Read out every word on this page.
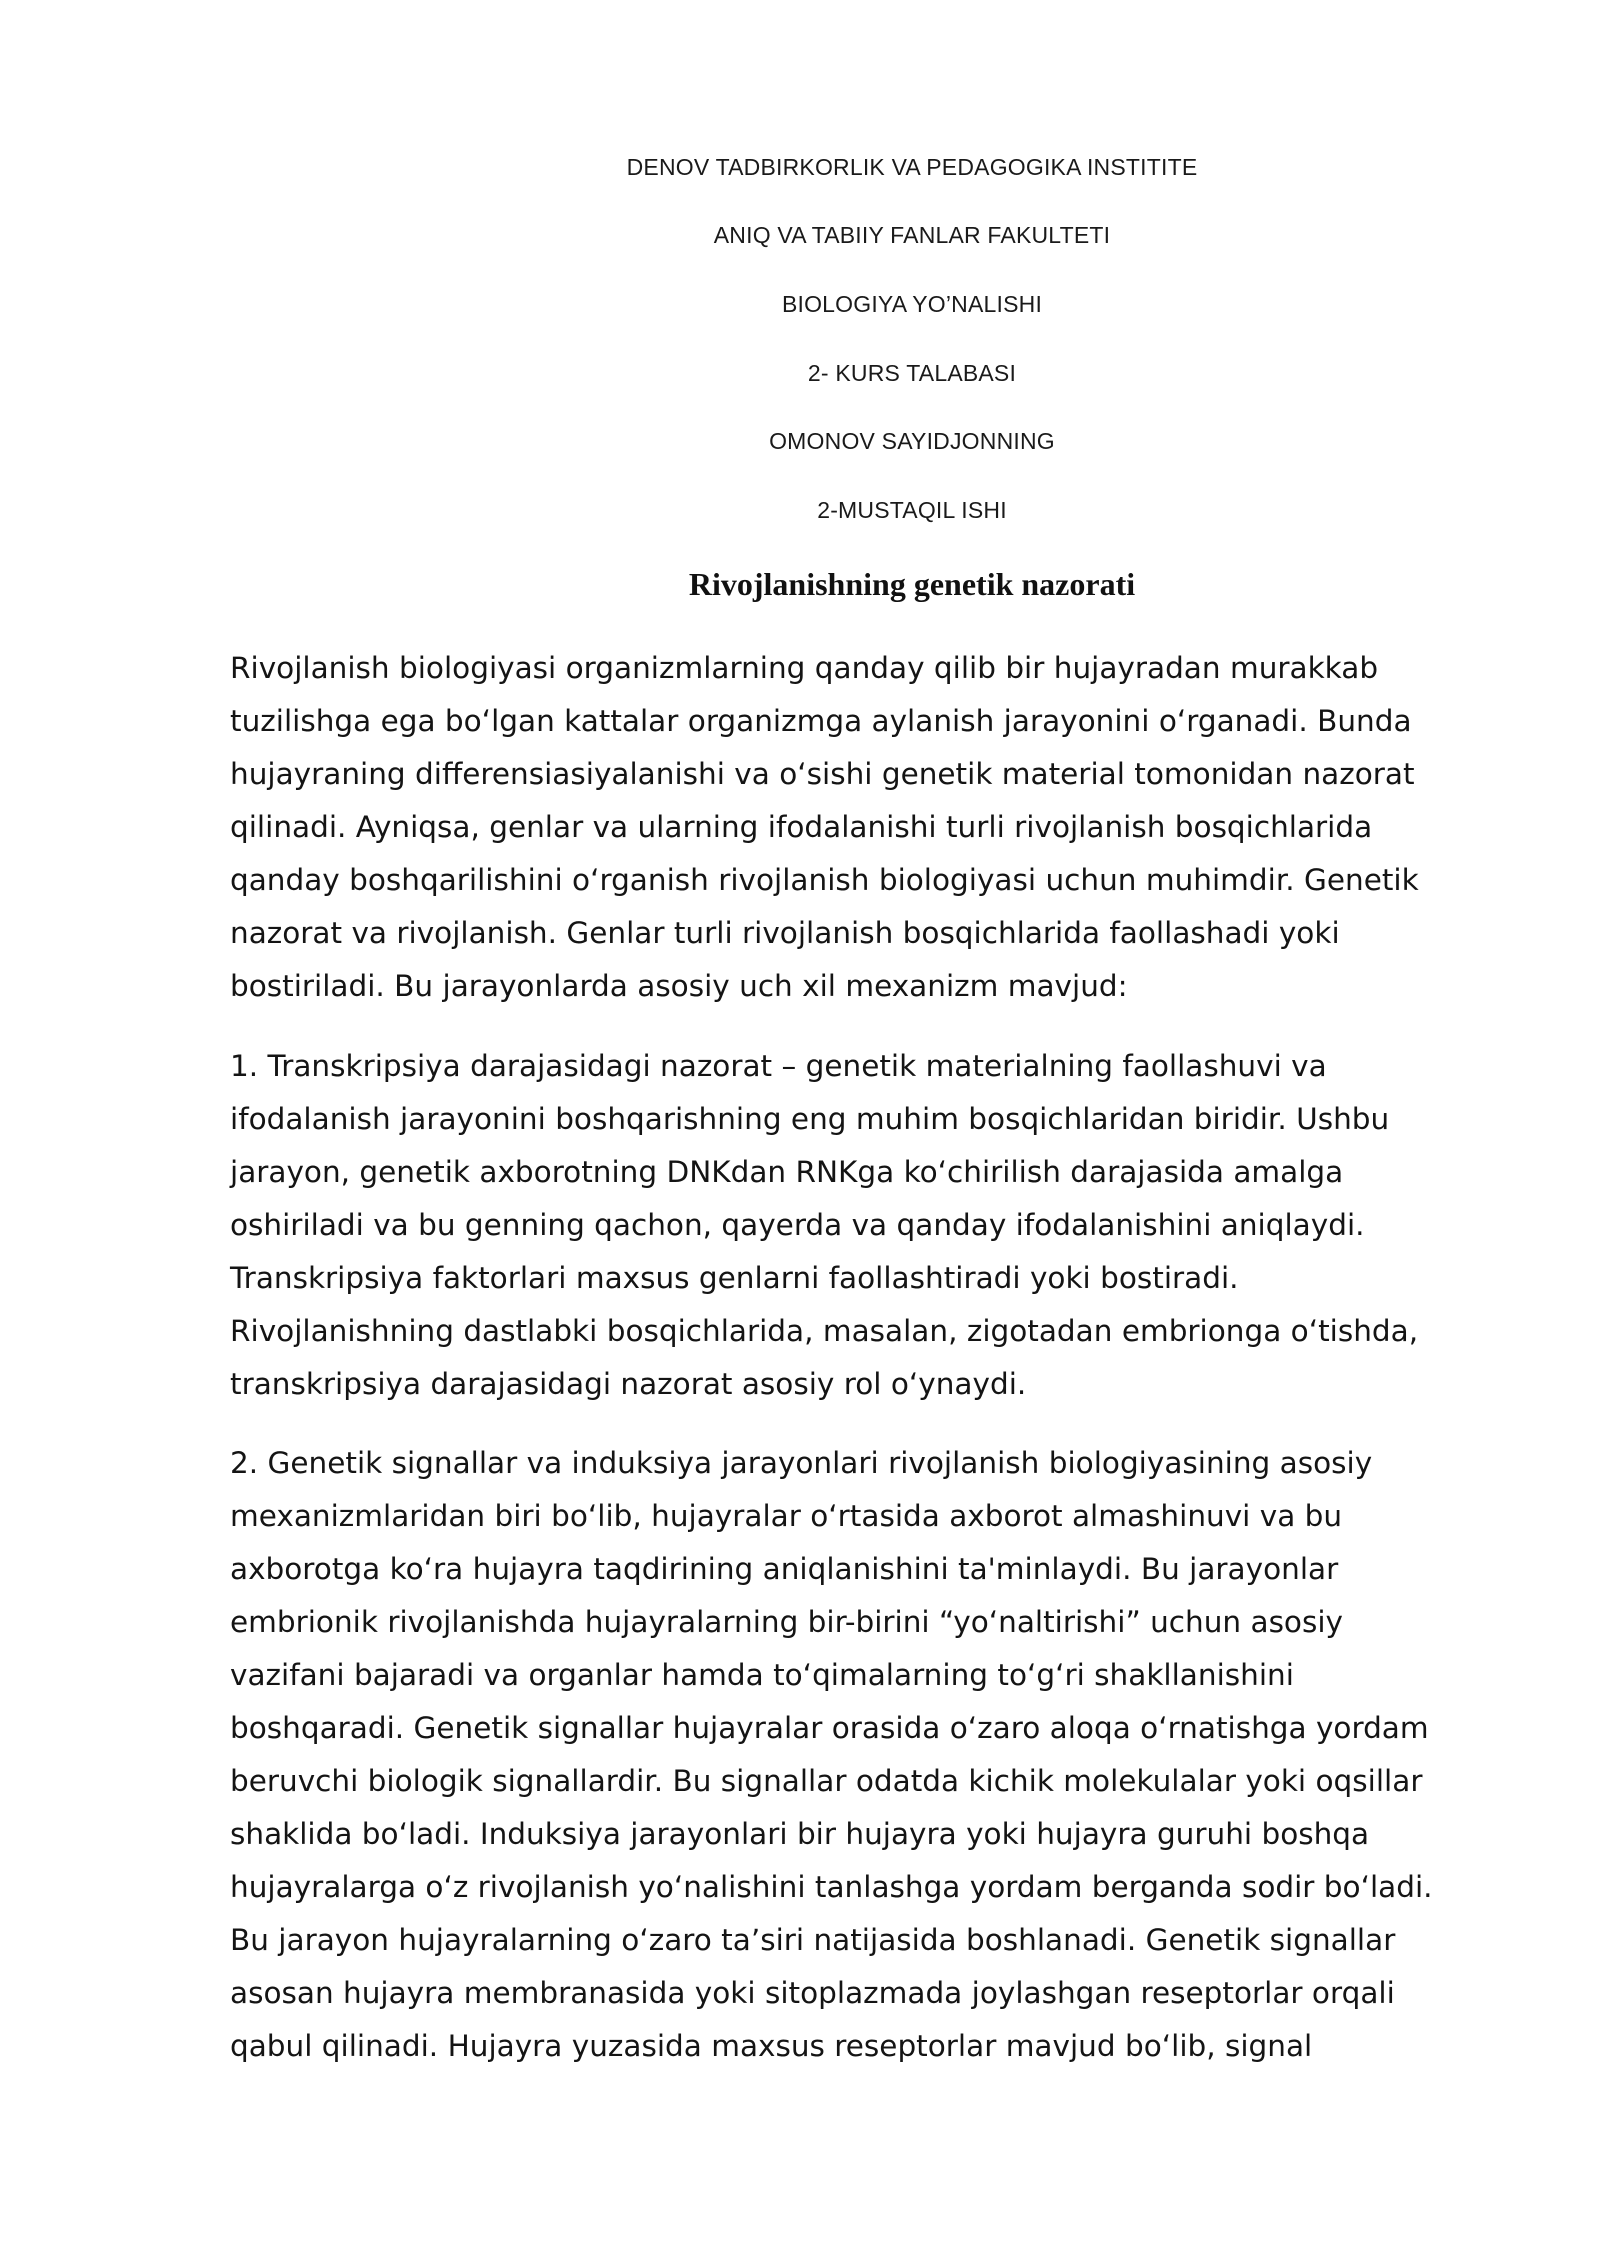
DENOV TADBIRKORLIK VA PEDAGOGIKA INSTITITE
ANIQ VA TABIIY FANLAR FAKULTETI
BIOLOGIYA YO’NALISHI
2- KURS TALABASI
OMONOV SAYIDJONNING
2-MUSTAQIL ISHI
Rivojlanishning genetik nazorati

Rivojlanish biologiyasi organizmlarning qanday qilib bir hujayradan murakkab
tuzilishga ega boʻlgan kattalar organizmga aylanish jarayonini oʻrganadi. Bunda
hujayraning differensiasiyalanishi va oʻsishi genetik material tomonidan nazorat
qilinadi. Ayniqsa, genlar va ularning ifodalanishi turli rivojlanish bosqichlarida
qanday boshqarilishini oʻrganish rivojlanish biologiyasi uchun muhimdir. Genetik
nazorat va rivojlanish. Genlar turli rivojlanish bosqichlarida faollashadi yoki
bostiriladi. Bu jarayonlarda asosiy uch xil mexanizm mavjud:

1. Transkripsiya darajasidagi nazorat – genetik materialning faollashuvi va
ifodalanish jarayonini boshqarishning eng muhim bosqichlaridan biridir. Ushbu
jarayon, genetik axborotning DNKdan RNKga koʻchirilish darajasida amalga
oshiriladi va bu genning qachon, qayerda va qanday ifodalanishini aniqlaydi.
Transkripsiya faktorlari maxsus genlarni faollashtiradi yoki bostiradi.
Rivojlanishning dastlabki bosqichlarida, masalan, zigotadan embrionga oʻtishda,
transkripsiya darajasidagi nazorat asosiy rol oʻynaydi.

2. Genetik signallar va induksiya jarayonlari rivojlanish biologiyasining asosiy
mexanizmlaridan biri boʻlib, hujayralar oʻrtasida axborot almashinuvi va bu
axborotga koʻra hujayra taqdirining aniqlanishini ta'minlaydi. Bu jarayonlar
embrionik rivojlanishda hujayralarning bir-birini “yoʻnaltirishi” uchun asosiy
vazifani bajaradi va organlar hamda toʻqimalarning toʻgʻri shakllanishini
boshqaradi. Genetik signallar hujayralar orasida oʻzaro aloqa oʻrnatishga yordam
beruvchi biologik signallardir. Bu signallar odatda kichik molekulalar yoki oqsillar
shaklida boʻladi. Induksiya jarayonlari bir hujayra yoki hujayra guruhi boshqa
hujayralarga oʻz rivojlanish yoʻnalishini tanlashga yordam berganda sodir boʻladi.
Bu jarayon hujayralarning oʻzaro ta’siri natijasida boshlanadi. Genetik signallar
asosan hujayra membranasida yoki sitoplazmada joylashgan reseptorlar orqali
qabul qilinadi. Hujayra yuzasida maxsus reseptorlar mavjud boʻlib, signal
